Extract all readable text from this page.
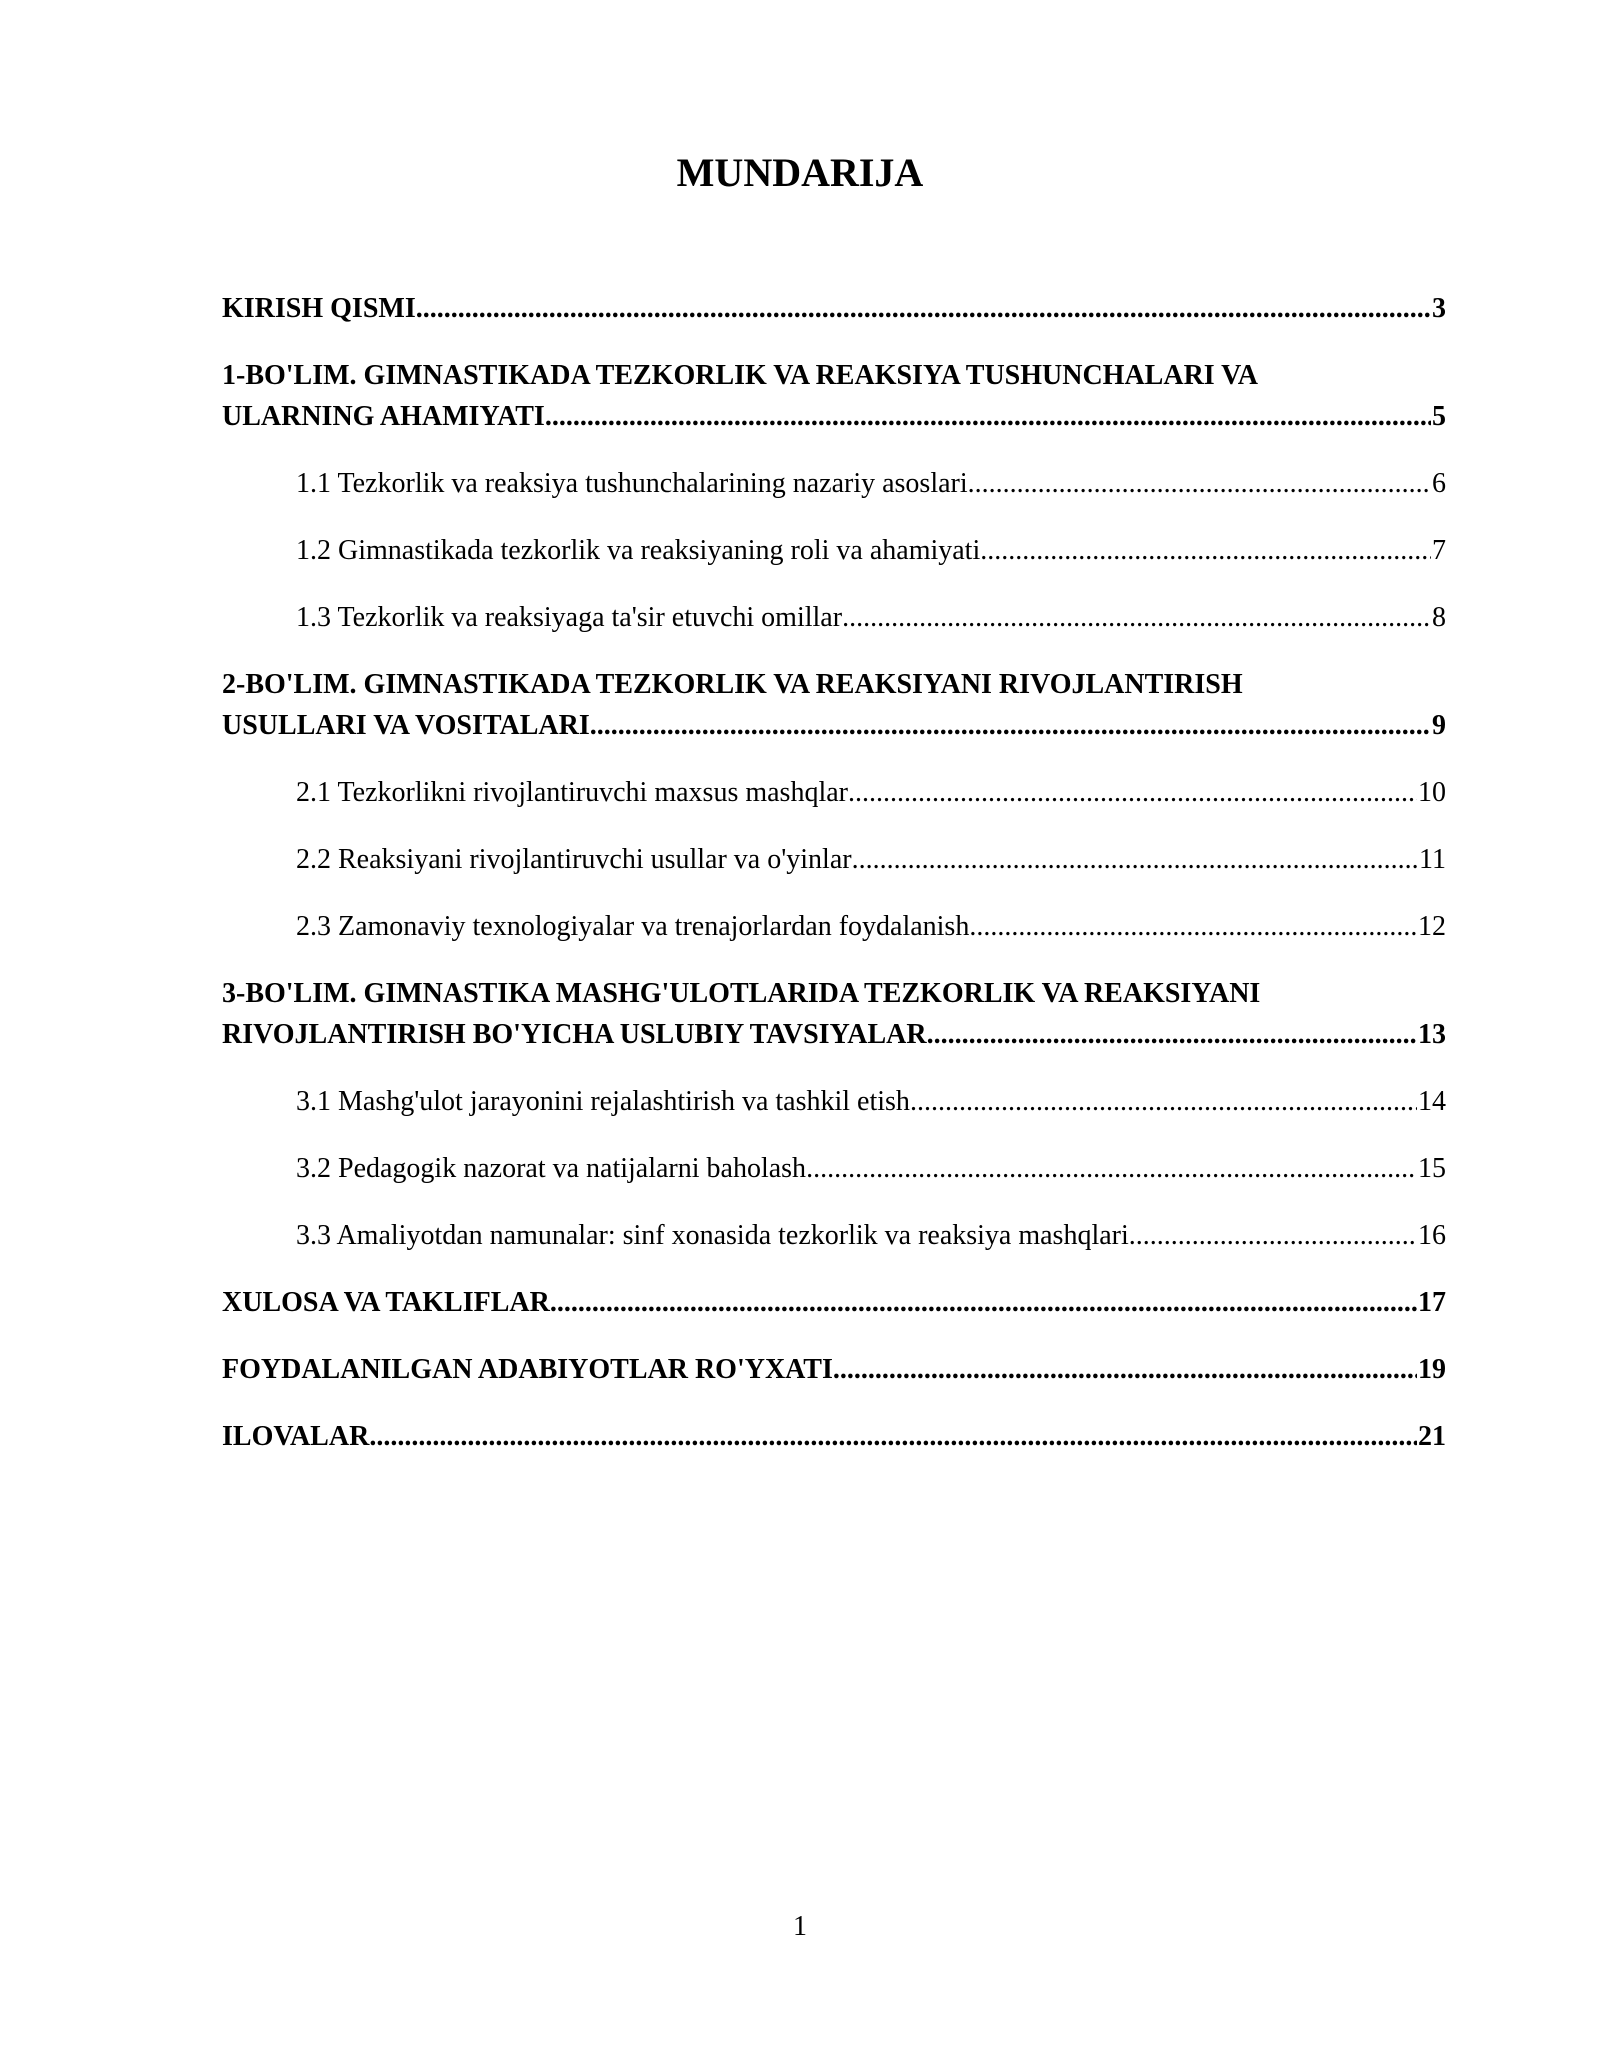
MUNDARIJA
KIRISH QISMI .....	3
1-BO'LIM. GIMNASTIKADA TEZKORLIK VA REAKSIYA TUSHUNCHALARI VA
ULARNING AHAMIYATI .....	5
1.1 Tezkorlik va reaksiya tushunchalarining nazariy asoslari .....	6
1.2 Gimnastikada tezkorlik va reaksiyaning roli va ahamiyati .....	7
1.3 Tezkorlik va reaksiyaga ta'sir etuvchi omillar .....	8
2-BO'LIM. GIMNASTIKADA TEZKORLIK VA REAKSIYANI RIVOJLANTIRISH
USULLARI VA VOSITALARI .....	9
2.1 Tezkorlikni rivojlantiruvchi maxsus mashqlar .....	10
2.2 Reaksiyani rivojlantiruvchi usullar va o'yinlar .....	11
2.3 Zamonaviy texnologiyalar va trenajorlardan foydalanish .....	12
3-BO'LIM. GIMNASTIKA MASHG'ULOTLARIDA TEZKORLIK VA REAKSIYANI
RIVOJLANTIRISH BO'YICHA USLUBIY TAVSIYALAR .....	13
3.1 Mashg'ulot jarayonini rejalashtirish va tashkil etish .....	14
3.2 Pedagogik nazorat va natijalarni baholash .....	15
3.3 Amaliyotdan namunalar: sinf xonasida tezkorlik va reaksiya mashqlari .....	16
XULOSA VA TAKLIFLAR .....	17
FOYDALANILGAN ADABIYOTLAR RO'YXATI .....	19
ILOVALAR .....	21
1
